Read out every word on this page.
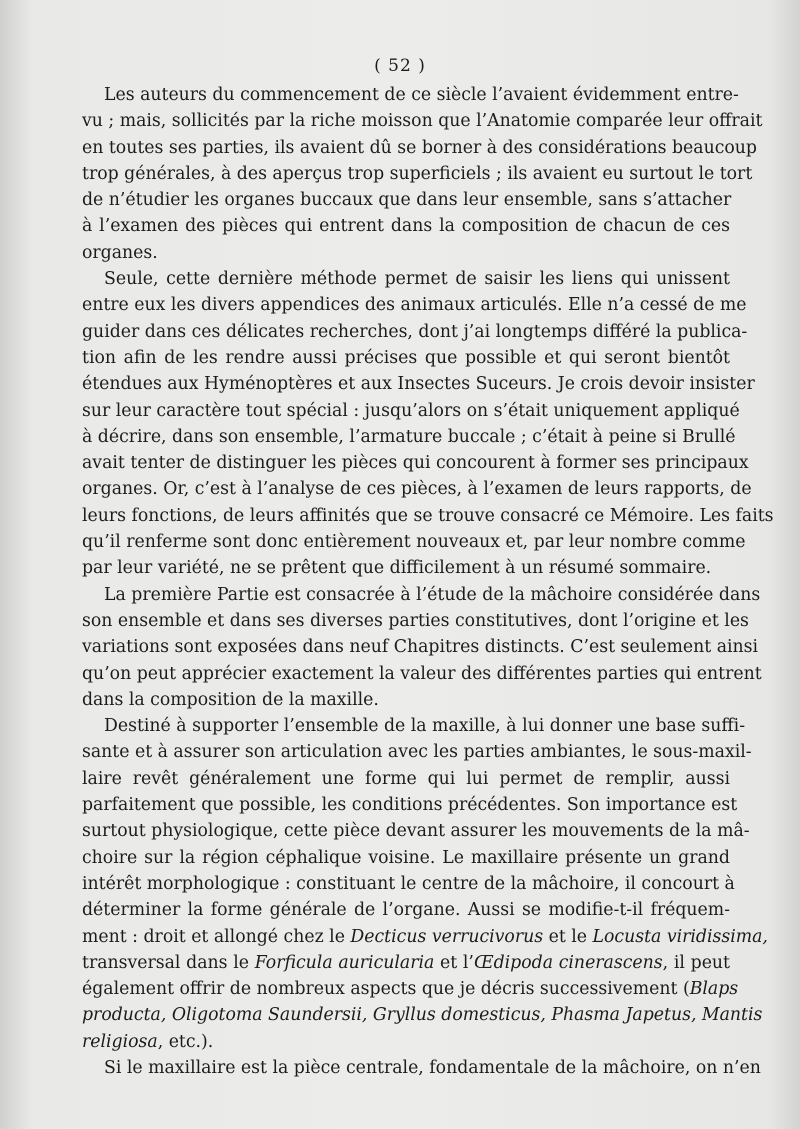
( 52 )
Les auteurs du commencement de ce siècle l’avaient évidemment entre-
vu ; mais, sollicités par la riche moisson que l’Anatomie comparée leur offrait
en toutes ses parties, ils avaient dû se borner à des considérations beaucoup
trop générales, à des aperçus trop superficiels ; ils avaient eu surtout le tort
de n’étudier les organes buccaux que dans leur ensemble, sans s’attacher
à l’examen des pièces qui entrent dans la composition de chacun de ces
organes.
Seule, cette dernière méthode permet de saisir les liens qui unissent
entre eux les divers appendices des animaux articulés. Elle n’a cessé de me
guider dans ces délicates recherches, dont j’ai longtemps différé la publica-
tion afin de les rendre aussi précises que possible et qui seront bientôt
étendues aux Hyménoptères et aux Insectes Suceurs. Je crois devoir insister
sur leur caractère tout spécial : jusqu’alors on s’était uniquement appliqué
à décrire, dans son ensemble, l’armature buccale ; c’était à peine si Brullé
avait tenter de distinguer les pièces qui concourent à former ses principaux
organes. Or, c’est à l’analyse de ces pièces, à l’examen de leurs rapports, de
leurs fonctions, de leurs affinités que se trouve consacré ce Mémoire. Les faits
qu’il renferme sont donc entièrement nouveaux et, par leur nombre comme
par leur variété, ne se prêtent que difficilement à un résumé sommaire.
La première Partie est consacrée à l’étude de la mâchoire considérée dans
son ensemble et dans ses diverses parties constitutives, dont l’origine et les
variations sont exposées dans neuf Chapitres distincts. C’est seulement ainsi
qu’on peut apprécier exactement la valeur des différentes parties qui entrent
dans la composition de la maxille.
Destiné à supporter l’ensemble de la maxille, à lui donner une base suffi-
sante et à assurer son articulation avec les parties ambiantes, le sous-maxil-
laire revêt généralement une forme qui lui permet de remplir, aussi
parfaitement que possible, les conditions précédentes. Son importance est
surtout physiologique, cette pièce devant assurer les mouvements de la mâ-
choire sur la région céphalique voisine. Le maxillaire présente un grand
intérêt morphologique : constituant le centre de la mâchoire, il concourt à
déterminer la forme générale de l’organe. Aussi se modifie-t-il fréquem-
ment : droit et allongé chez le Decticus verrucivorus et le Locusta viridissima,
transversal dans le Forficula auricularia et l’Œdipoda cinerascens, il peut
également offrir de nombreux aspects que je décris successivement (Blaps
producta, Oligotoma Saundersii, Gryllus domesticus, Phasma Japetus, Mantis
religiosa, etc.).
Si le maxillaire est la pièce centrale, fondamentale de la mâchoire, on n’en
